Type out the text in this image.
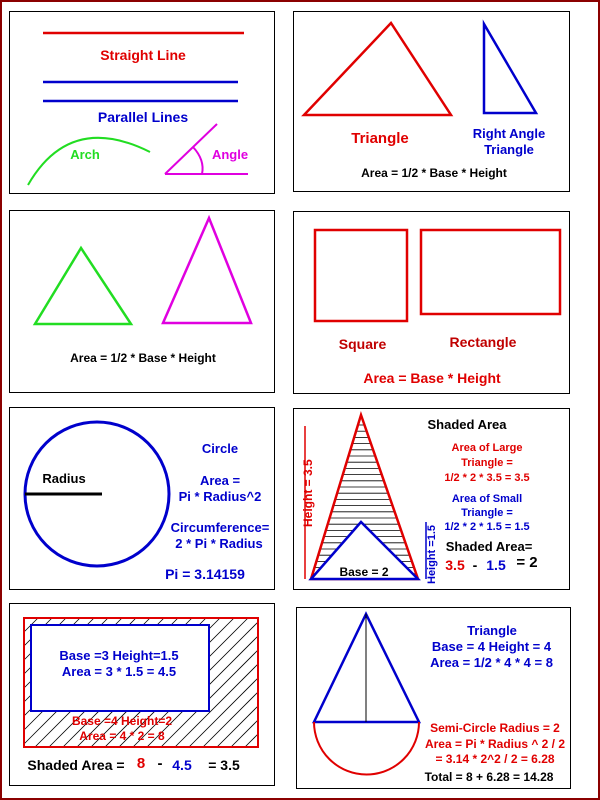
Straight Line
Parallel Lines
Arch	Angle
Triangle	Right Angle
Triangle
Area = 1/2 * Base * Height
Area = 1/2 * Base * Height
Square	Rectangle
Area = Base * Height
Radius
Circle
Area =
Pi * Radius^2
Circumference=
2 * Pi * Radius
Pi = 3.14159
Shaded Area
Area of Large
Triangle =
1/2 * 2 * 3.5 = 3.5
Area of Small
Triangle =
1/2 * 2 * 1.5 = 1.5
Shaded Area=
3.5 - 1.5 = 2
Height = 3.5
Height =1.5
Base = 2
Base =3 Height=1.5
Area = 3 * 1.5 = 4.5
Base =4 Height=2
Area = 4 * 2 = 8
Shaded Area = 8 - 4.5	= 3.5
Triangle
Base = 4 Height = 4
Area = 1/2 * 4 * 4 = 8
Semi-Circle Radius = 2
Area = Pi * Radius ^ 2 / 2
= 3.14 * 2^2 / 2 = 6.28
Total = 8 + 6.28 = 14.28
